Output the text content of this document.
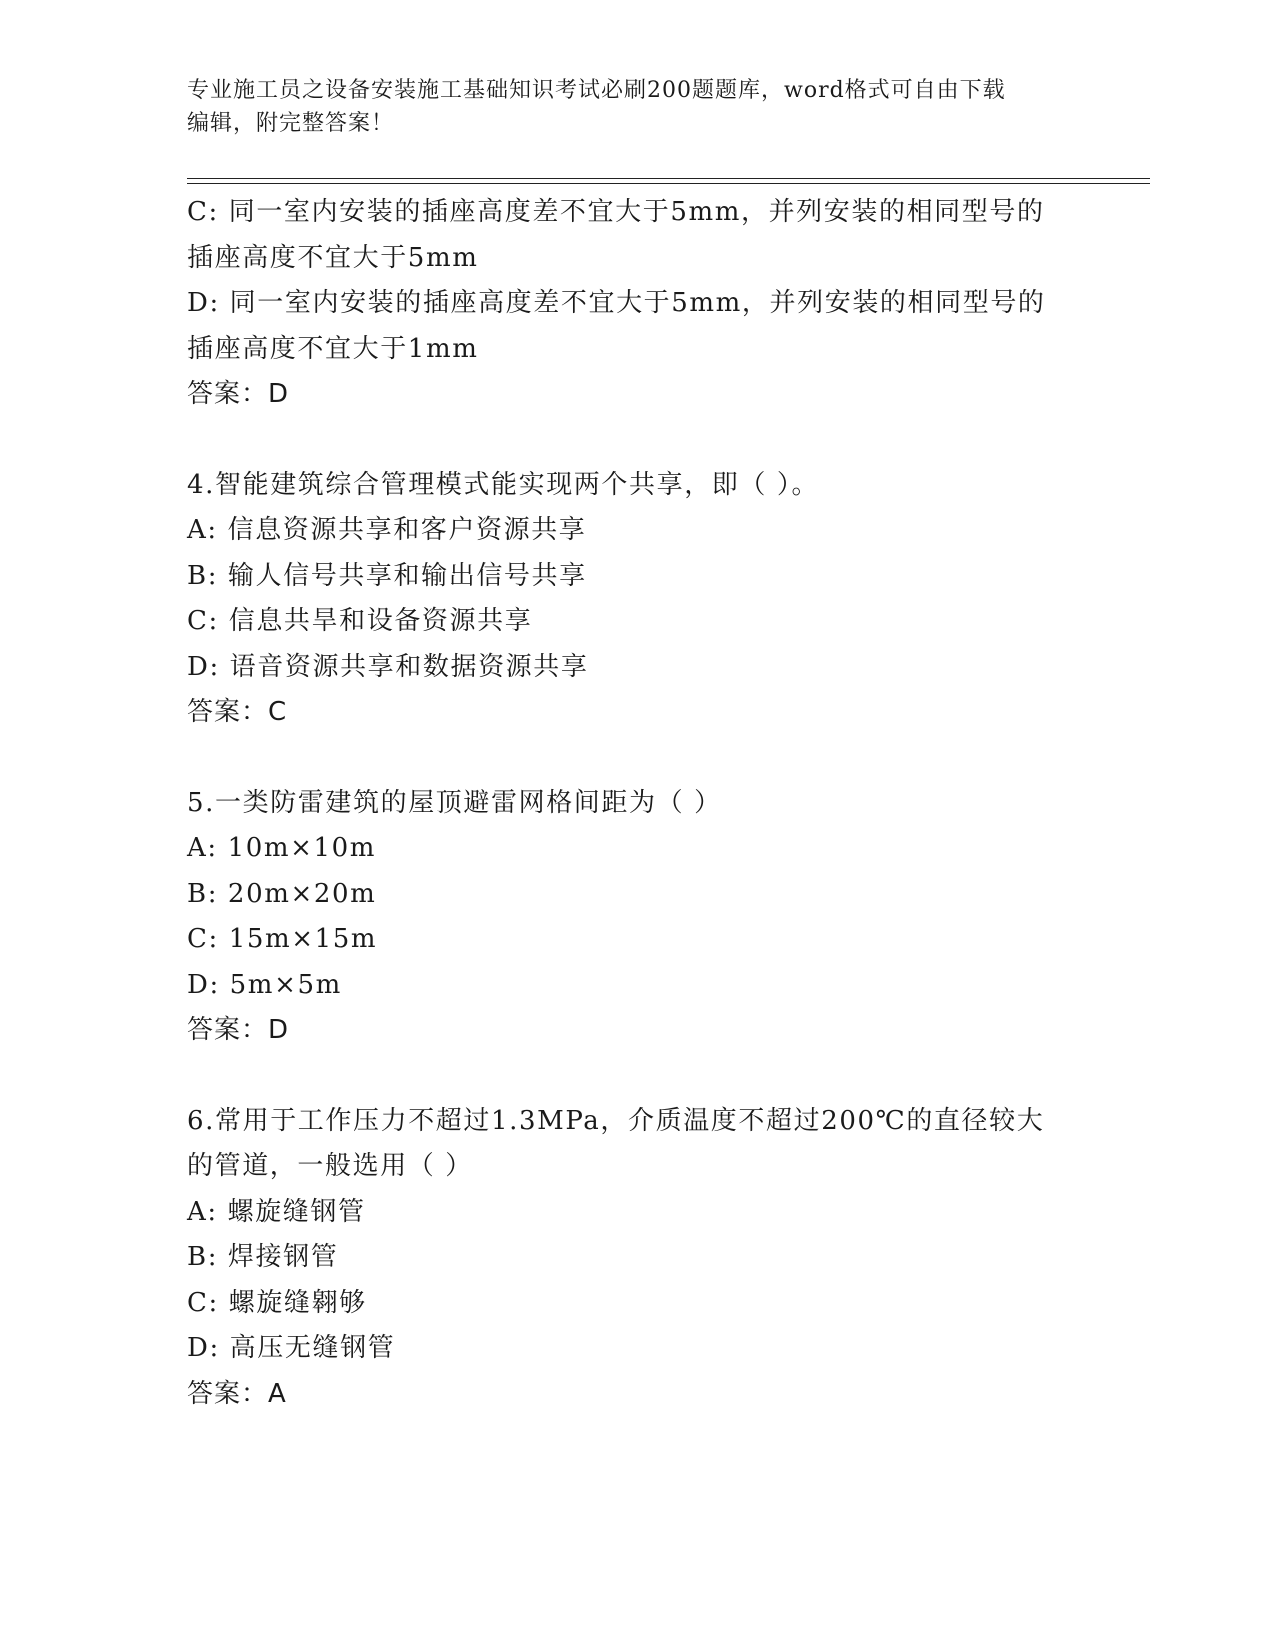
专业施工员之设备安装施工基础知识考试必刷200题题库，word格式可自由下载
编辑，附完整答案！
C: 同一室内安装的插座高度差不宜大于5mm，并列安装的相同型号的
插座高度不宜大于5mm
D: 同一室内安装的插座高度差不宜大于5mm，并列安装的相同型号的
插座高度不宜大于1mm
答案：D
4.智能建筑综合管理模式能实现两个共享，即（ ）。
A: 信息资源共享和客户资源共享
B: 输人信号共享和输出信号共享
C: 信息共旱和设备资源共享
D: 语音资源共享和数据资源共享
答案：C
5.一类防雷建筑的屋顶避雷网格间距为（ ）
A: 10m×10m
B: 20m×20m
C: 15m×15m
D: 5m×5m
答案：D
6.常用于工作压力不超过1.3MPa，介质温度不超过200℃的直径较大
的管道，一般选用（ ）
A: 螺旋缝钢管
B: 焊接钢管
C: 螺旋缝翱够
D: 高压无缝钢管
答案：A
